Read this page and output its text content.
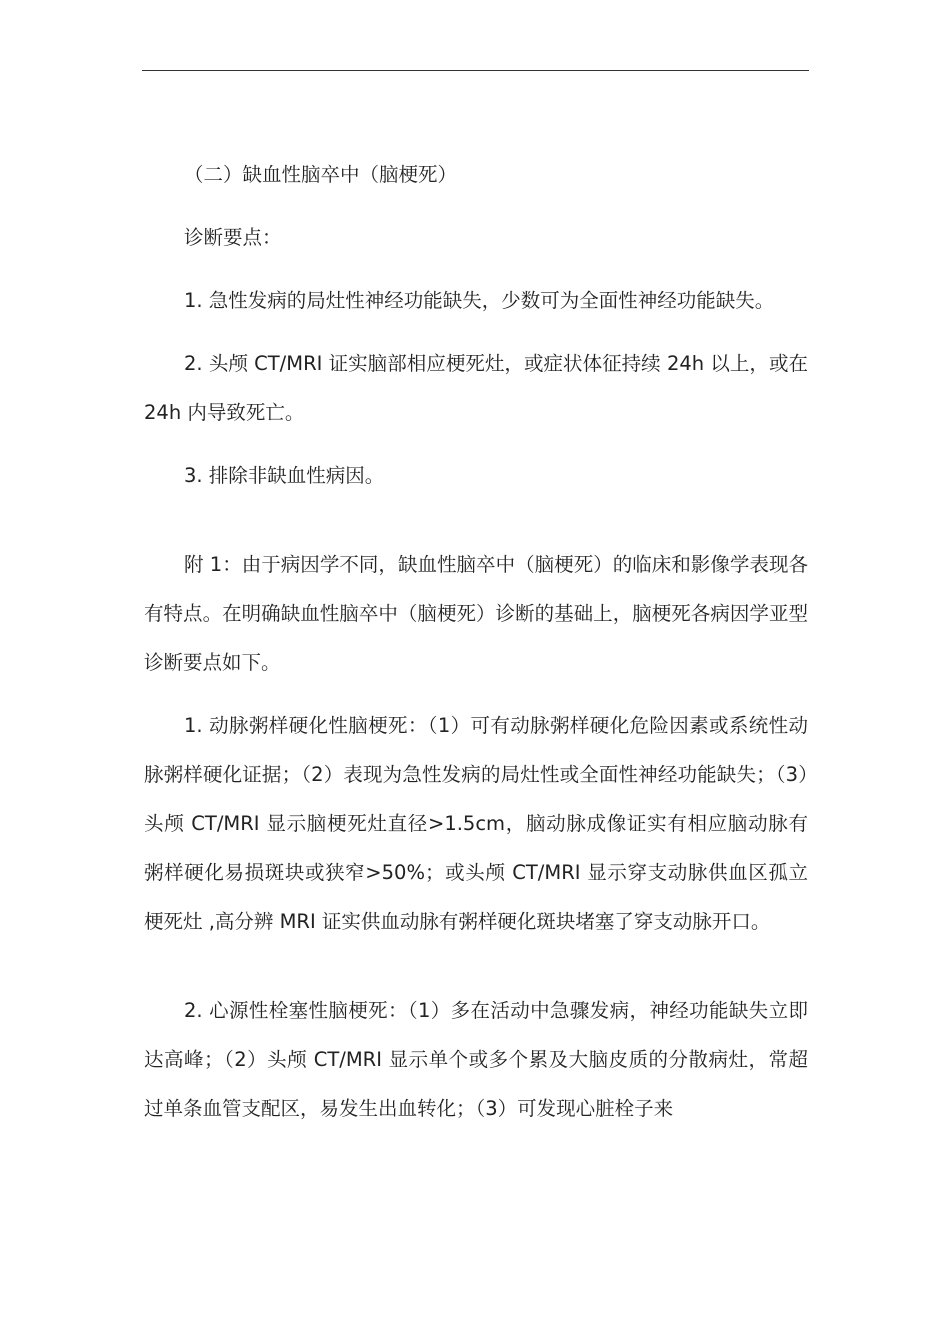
（二）缺血性脑卒中（脑梗死）

诊断要点：

1. 急性发病的局灶性神经功能缺失，少数可为全面性神经功能缺失。

2. 头颅 CT/MRI 证实脑部相应梗死灶，或症状体征持续 24h 以上，或在 24h 内导致死亡。

3. 排除非缺血性病因。

附 1：由于病因学不同，缺血性脑卒中（脑梗死）的临床和影像学表现各有特点。在明确缺血性脑卒中（脑梗死）诊断的基础上，脑梗死各病因学亚型诊断要点如下。

1. 动脉粥样硬化性脑梗死：（1）可有动脉粥样硬化危险因素或系统性动脉粥样硬化证据；（2）表现为急性发病的局灶性或全面性神经功能缺失；（3）头颅 CT/MRI 显示脑梗死灶直径>1.5cm，脑动脉成像证实有相应脑动脉有粥样硬化易损斑块或狭窄>50%；或头颅 CT/MRI 显示穿支动脉供血区孤立梗死灶 ,高分辨 MRI 证实供血动脉有粥样硬化斑块堵塞了穿支动脉开口。

2. 心源性栓塞性脑梗死：（1）多在活动中急骤发病，神经功能缺失立即达高峰；（2）头颅 CT/MRI 显示单个或多个累及大脑皮质的分散病灶，常超过单条血管支配区，易发生出血转化；（3）可发现心脏栓子来
